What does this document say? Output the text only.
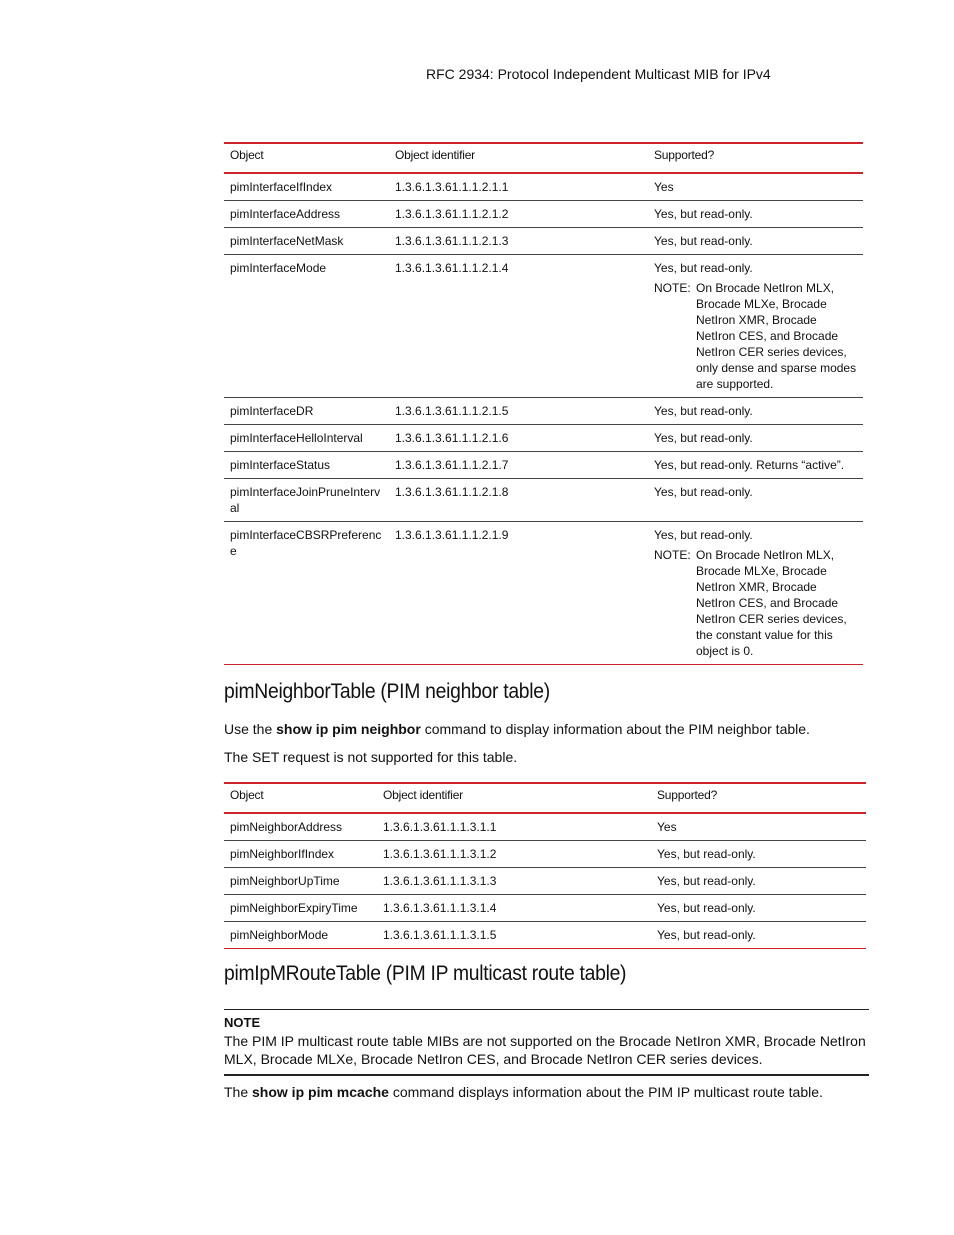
RFC 2934: Protocol Independent Multicast MIB for IPv4
Object	Object identifier	Supported?
pimInterfaceIfIndex	1.3.6.1.3.61.1.1.2.1.1	Yes

pimInterfaceAddress	1.3.6.1.3.61.1.1.2.1.2	Yes, but read-only.

pimInterfaceNetMask	1.3.6.1.3.61.1.1.2.1.3	Yes, but read-only.

pimInterfaceMode	1.3.6.1.3.61.1.1.2.1.4	Yes, but read-only.
NOTE: On Brocade NetIron MLX, Brocade MLXe, Brocade NetIron XMR, Brocade NetIron CES, and Brocade NetIron CER series devices, only dense and sparse modes are supported.

pimInterfaceDR	1.3.6.1.3.61.1.1.2.1.5	Yes, but read-only.

pimInterfaceHelloInterval	1.3.6.1.3.61.1.1.2.1.6	Yes, but read-only.

pimInterfaceStatus	1.3.6.1.3.61.1.1.2.1.7	Yes, but read-only. Returns “active”.

pimInterfaceJoinPruneInterval	1.3.6.1.3.61.1.1.2.1.8	Yes, but read-only.

pimInterfaceCBSRPreference	1.3.6.1.3.61.1.1.2.1.9	Yes, but read-only.
NOTE: On Brocade NetIron MLX, Brocade MLXe, Brocade NetIron XMR, Brocade NetIron CES, and Brocade NetIron CER series devices, the constant value for this object is 0.
pimNeighborTable (PIM neighbor table)

Use the show ip pim neighbor command to display information about the PIM neighbor table.

The SET request is not supported for this table.

Object	Object identifier	Supported?
pimNeighborAddress	1.3.6.1.3.61.1.1.3.1.1	Yes

pimNeighborIfIndex	1.3.6.1.3.61.1.1.3.1.2	Yes, but read-only.

pimNeighborUpTime	1.3.6.1.3.61.1.1.3.1.3	Yes, but read-only.

pimNeighborExpiryTime	1.3.6.1.3.61.1.1.3.1.4	Yes, but read-only.

pimNeighborMode	1.3.6.1.3.61.1.1.3.1.5	Yes, but read-only.
pimIpMRouteTable (PIM IP multicast route table)
NOTE
The PIM IP multicast route table MIBs are not supported on the Brocade NetIron XMR, Brocade NetIron MLX, Brocade MLXe, Brocade NetIron CES, and Brocade NetIron CER series devices.

The show ip pim mcache command displays information about the PIM IP multicast route table.
